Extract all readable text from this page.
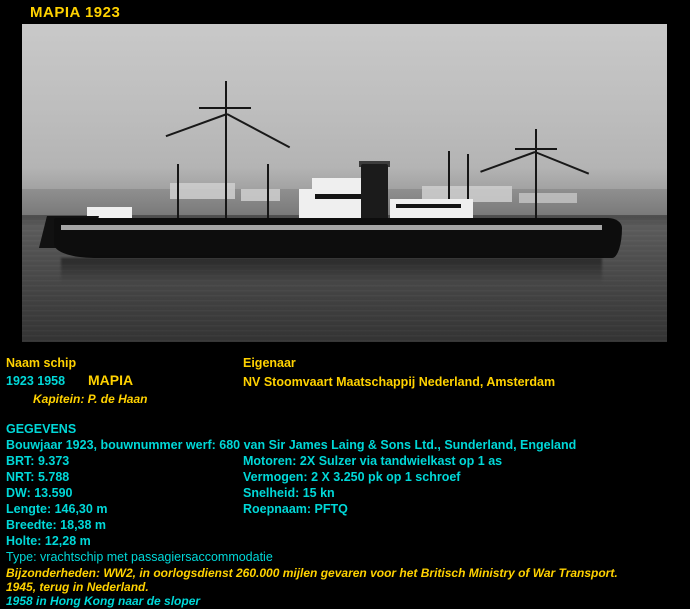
MAPIA 1923
Naam schip	Eigenaar
1923 1958 MAPIA	NV Stoomvaart Maatschappij Nederland, Amsterdam
Kapitein: P. de Haan
GEGEVENS
Bouwjaar 1923, bouwnummer werf: 680 van Sir James Laing & Sons Ltd., Sunderland, Engeland
BRT: 9.373
NRT: 5.788
DW: 13.590
Lengte: 146,30 m
Breedte: 18,38 m
Holte: 12,28 m
Type: vrachtschip met passagiersaccommodatie
Motoren: 2X Sulzer via tandwielkast op 1 as
Vermogen: 2 X 3.250 pk op 1 schroef
Snelheid: 15 kn
Roepnaam: PFTQ
Bijzonderheden: WW2, in oorlogsdienst 260.000 mijlen gevaren voor het Britisch Ministry of War Transport.
1945, terug in Nederland.
1958 in Hong Kong naar de sloper
